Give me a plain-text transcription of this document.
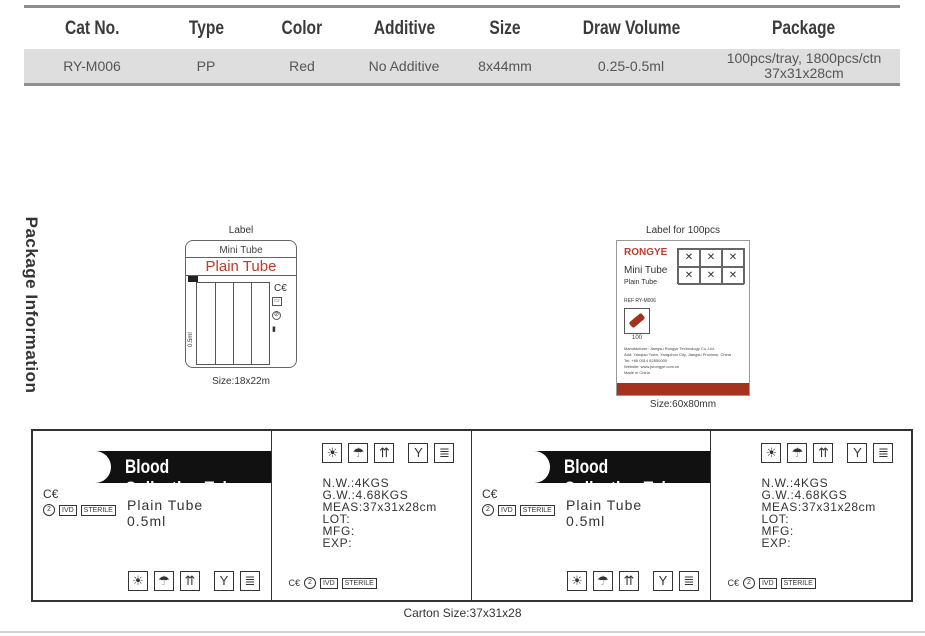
Cat No.	Type	Color	Additive	Size	Draw Volume	Package
RY-M006	PP	Red	No Additive	8x44mm	0.25-0.5ml	100pcs/tray, 1800pcs/ctn
37x31x28cm
Package Information	Label
Mini Tube
Plain Tube
0.5ml
C€
▭
⊘
▮
Size:18x22m
Label for 100pcs
RONGYE
Mini Tube
Plain Tube
✕	✕	✕
✕	✕	✕
REF RY-M006
100
Manufacturer: Jiangsu Rongye Technology Co.,Ltd.
Add: Yaoqiao Town, Yangzhou City, Jiangsu Province, China
Tel: +86 0514 82550000
Website: www.jsrongye.com.cn
Made in China
Size:60x80mm
Blood Collection Tube
C€
2	IVD	STERILE Plain Tube
0.5ml
☀	☂	⇈	Y	≣
☀	☂	⇈	Y	≣
N.W.:4KGS
G.W.:4.68KGS
MEAS:37x31x28cm
LOT:
MFG:
EXP:
C€	2	IVD	STERILE
Blood Collection Tube
C€
2	IVD	STERILE Plain Tube
0.5ml
☀	☂	⇈	Y	≣
☀	☂	⇈	Y	≣
N.W.:4KGS
G.W.:4.68KGS
MEAS:37x31x28cm
LOT:
MFG:
EXP:
C€	2	IVD	STERILE
Carton Size:37x31x28
